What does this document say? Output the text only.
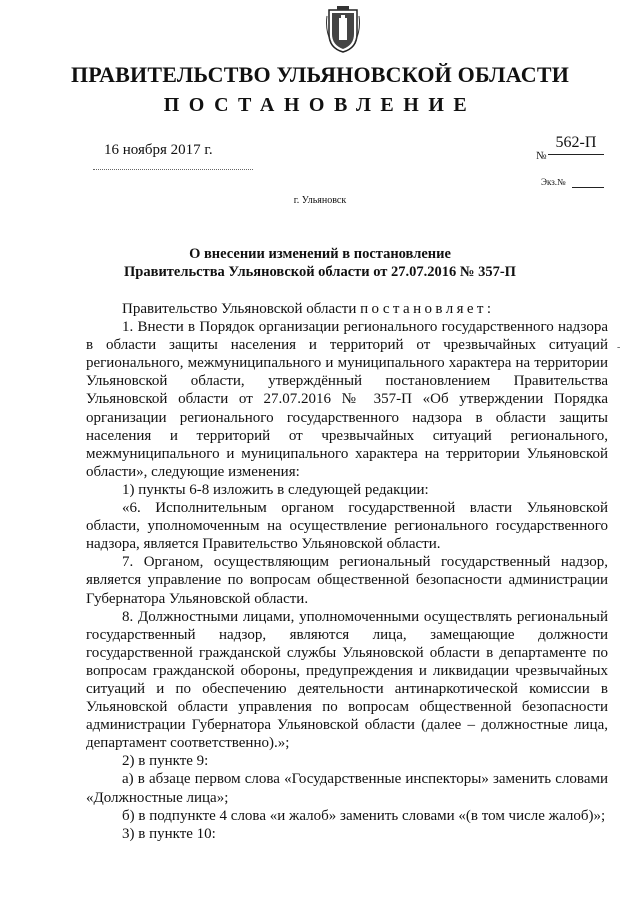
ПРАВИТЕЛЬСТВО УЛЬЯНОВСКОЙ ОБЛАСТИ
ПОСТАНОВЛЕНИЕ
16 ноября 2017 г.	№
562-П
Экз.№
г. Ульяновск
О внесении изменений в постановление
Правительства Ульяновской области от 27.07.2016 № 357-П
-

Правительство Ульяновской области постановляет:

1. Внести в Порядок организации регионального государственного надзора в области защиты населения и территорий от чрезвычайных ситуаций регионального, межмуниципального и муниципального характера на территории Ульяновской области, утверждённый постановлением Правительства Ульяновской области от 27.07.2016 № 357-П «Об утверждении Порядка организации регионального государственного надзора в области защиты населения и территорий от чрезвычайных ситуаций регионального, межмуниципального и муниципального характера на территории Ульяновской области», следующие изменения:

1) пункты 6-8 изложить в следующей редакции:

«6. Исполнительным органом государственной власти Ульяновской области, уполномоченным на осуществление регионального государственного надзора, является Правительство Ульяновской области.

7. Органом, осуществляющим региональный государственный надзор, является управление по вопросам общественной безопасности администрации Губернатора Ульяновской области.

8. Должностными лицами, уполномоченными осуществлять региональный государственный надзор, являются лица, замещающие должности государственной гражданской службы Ульяновской области в департаменте по вопросам гражданской обороны, предупреждения и ликвидации чрезвычайных ситуаций и по обеспечению деятельности антинаркотической комиссии в Ульяновской области управления по вопросам общественной безопасности администрации Губернатора Ульяновской области (далее – должностные лица, департамент соответственно).»;

2) в пункте 9:

а) в абзаце первом слова «Государственные инспекторы» заменить словами «Должностные лица»;

б) в подпункте 4 слова «и жалоб» заменить словами «(в том числе жалоб)»;

3) в пункте 10:
